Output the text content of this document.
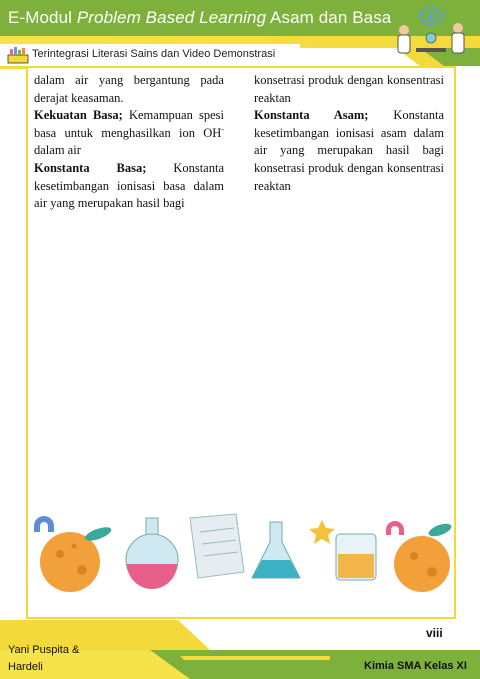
E-Modul Problem Based Learning Asam dan Basa
Terintegrasi Literasi Sains dan Video Demonstrasi

dalam air yang bergantung pada derajat keasaman.

Kekuatan Basa; Kemampuan spesi basa untuk menghasilkan ion OH- dalam air

Konstanta Basa; Konstanta kesetimbangan ionisasi basa dalam air yang merupakan hasil bagi

konsetrasi produk dengan konsentrasi reaktan

Konstanta Asam; Konstanta kesetimbangan ionisasi asam dalam air yang merupakan hasil bagi konsetrasi produk dengan konsentrasi reaktan

viii
Yani Puspita &
Hardeli	Kimia SMA Kelas XI
